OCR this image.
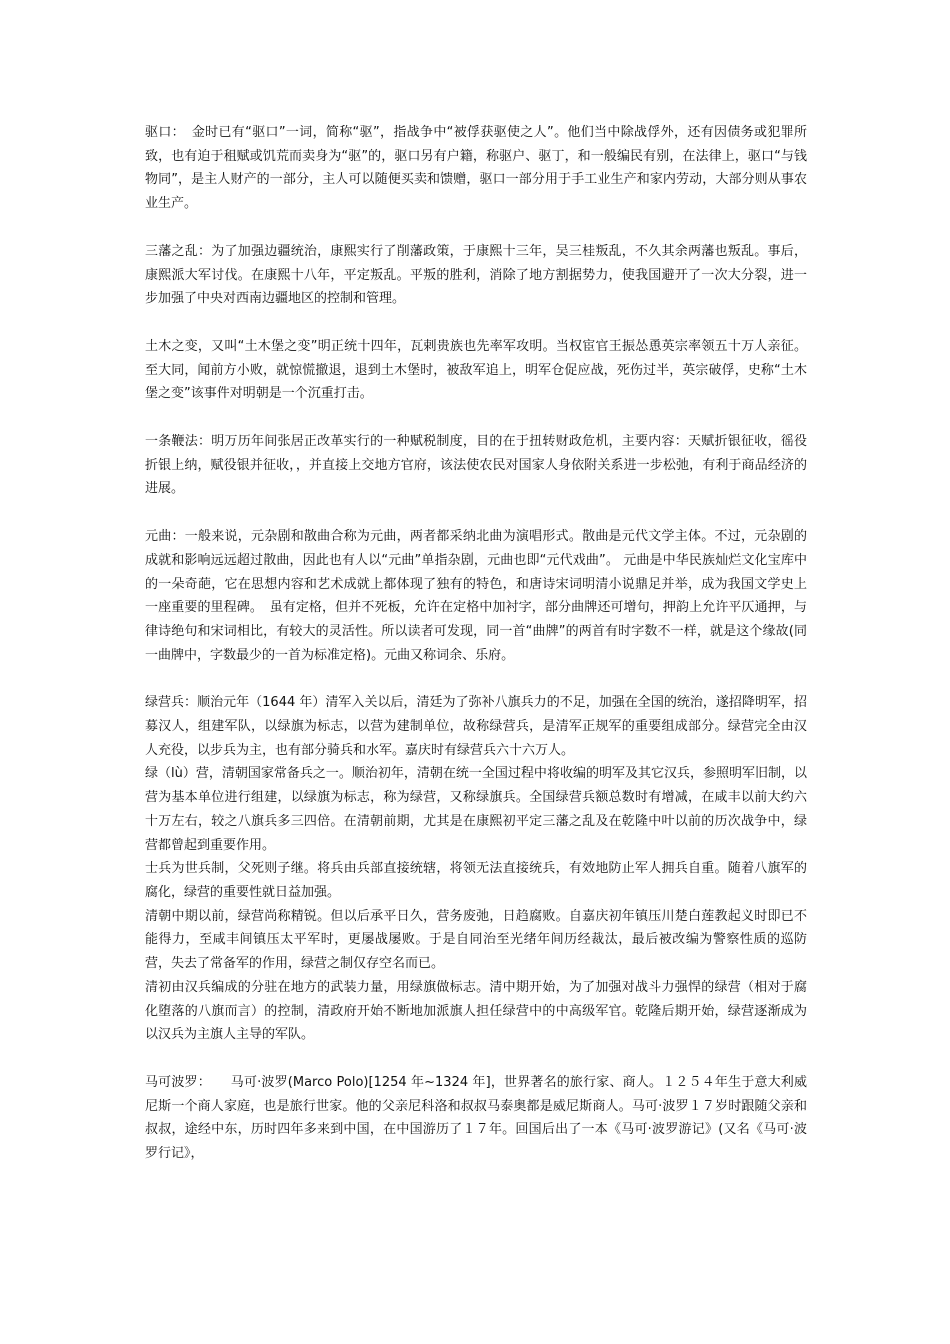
驱口：　金时已有“驱口”一词，简称“驱”，指战争中“被俘获驱使之人”。他们当中除战俘外，还有因债务或犯罪所致，也有迫于租赋或饥荒而卖身为“驱”的，驱口另有户籍，称驱户、驱丁，和一般编民有别，在法律上，驱口“与钱物同”，是主人财产的一部分，主人可以随便买卖和馈赠，驱口一部分用于手工业生产和家内劳动，大部分则从事农业生产。

三藩之乱：为了加强边疆统治，康熙实行了削藩政策，于康熙十三年，吴三桂叛乱，不久其余两藩也叛乱。事后，康熙派大军讨伐。在康熙十八年，平定叛乱。平叛的胜利，消除了地方割据势力，使我国避开了一次大分裂，进一步加强了中央对西南边疆地区的控制和管理。

土木之变，又叫“土木堡之变”明正统十四年，瓦剌贵族也先率军攻明。当权宦官王振怂恿英宗率领五十万人亲征。至大同，闻前方小败，就惊慌撤退，退到土木堡时，被敌军追上，明军仓促应战，死伤过半，英宗破俘，史称“土木堡之变”该事件对明朝是一个沉重打击。

一条鞭法：明万历年间张居正改革实行的一种赋税制度，目的在于扭转财政危机，主要内容：天赋折银征收，徭役折银上纳，赋役银并征收，，并直接上交地方官府，该法使农民对国家人身依附关系进一步松弛，有利于商品经济的进展。

元曲：一般来说，元杂剧和散曲合称为元曲，两者都采纳北曲为演唱形式。散曲是元代文学主体。不过，元杂剧的成就和影响远远超过散曲，因此也有人以“元曲”单指杂剧，元曲也即“元代戏曲”。 元曲是中华民族灿烂文化宝库中的一朵奇葩，它在思想内容和艺术成就上都体现了独有的特色，和唐诗宋词明清小说鼎足并举，成为我国文学史上一座重要的里程碑。　虽有定格，但并不死板，允许在定格中加衬字，部分曲牌还可增句，押韵上允许平仄通押，与律诗绝句和宋词相比，有较大的灵活性。所以读者可发现，同一首“曲牌”的两首有时字数不一样，就是这个缘故(同一曲牌中，字数最少的一首为标准定格)。元曲又称词余、乐府。

绿营兵：顺治元年（1644 年）清军入关以后，清廷为了弥补八旗兵力的不足，加强在全国的统治，遂招降明军，招募汉人，组建军队，以绿旗为标志，以营为建制单位，故称绿营兵，是清军正规军的重要组成部分。绿营完全由汉人充役，以步兵为主，也有部分骑兵和水军。嘉庆时有绿营兵六十六万人。

绿（lù）营，清朝国家常备兵之一。顺治初年，清朝在统一全国过程中将收编的明军及其它汉兵，参照明军旧制，以营为基本单位进行组建，以绿旗为标志，称为绿营，又称绿旗兵。全国绿营兵额总数时有增减，在咸丰以前大约六十万左右，较之八旗兵多三四倍。在清朝前期，尤其是在康熙初平定三藩之乱及在乾隆中叶以前的历次战争中，绿营都曾起到重要作用。

士兵为世兵制，父死则子继。将兵由兵部直接统辖，将领无法直接统兵，有效地防止军人拥兵自重。随着八旗军的腐化，绿营的重要性就日益加强。

清朝中期以前，绿营尚称精锐。但以后承平日久，营务废弛，日趋腐败。自嘉庆初年镇压川楚白莲教起义时即已不能得力，至咸丰间镇压太平军时，更屡战屡败。于是自同治至光绪年间历经裁汰，最后被改编为警察性质的巡防营，失去了常备军的作用，绿营之制仅存空名而已。

清初由汉兵编成的分驻在地方的武装力量，用绿旗做标志。清中期开始，为了加强对战斗力强悍的绿营（相对于腐化堕落的八旗而言）的控制，清政府开始不断地加派旗人担任绿营中的中高级军官。乾隆后期开始，绿营逐渐成为以汉兵为主旗人主导的军队。

马可波罗：　　马可·波罗(Marco Polo)[1254 年~1324 年]，世界著名的旅行家、商人。１２５４年生于意大利威尼斯一个商人家庭，也是旅行世家。他的父亲尼科洛和叔叔马泰奥都是威尼斯商人。马可·波罗１７岁时跟随父亲和叔叔，途经中东，历时四年多来到中国，在中国游历了１７年。回国后出了一本《马可·波罗游记》(又名《马可·波罗行记》，
